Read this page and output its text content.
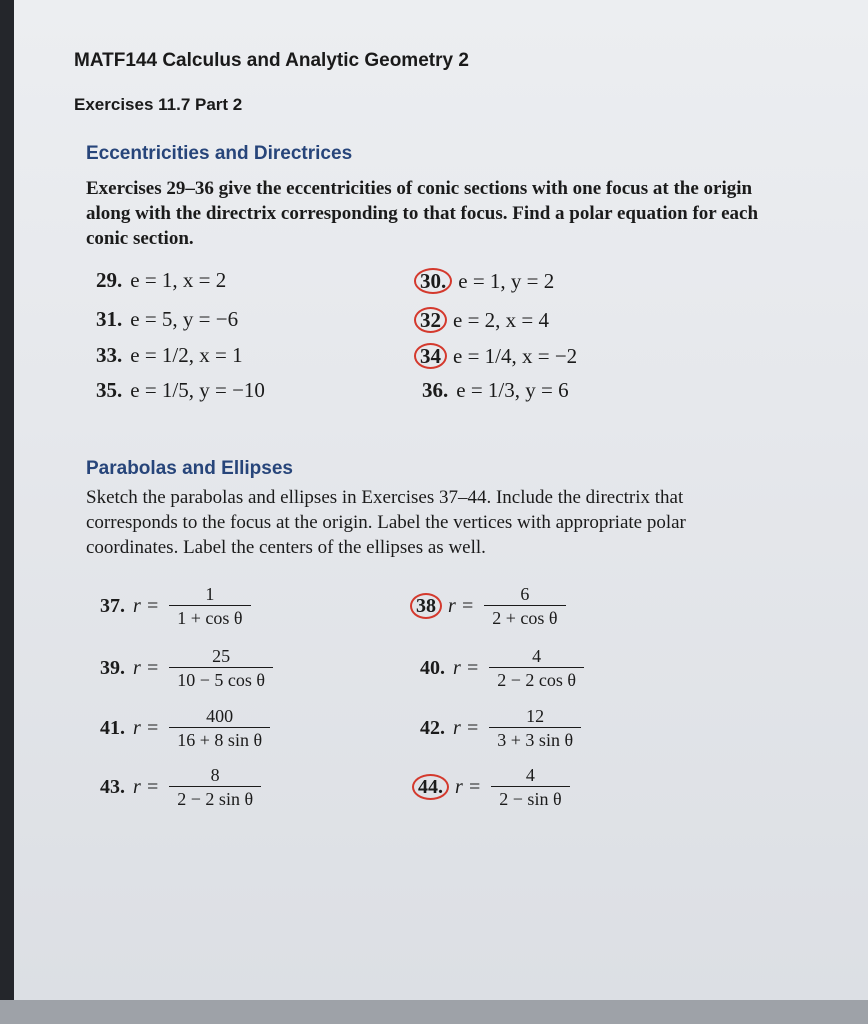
MATF144 Calculus and Analytic Geometry 2
Exercises 11.7 Part 2
Eccentricities and Directrices
Exercises 29–36 give the eccentricities of conic sections with one focus at the origin along with the directrix corresponding to that focus. Find a polar equation for each conic section.
29. e = 1, x = 2	30. e = 1, y = 2
31. e = 5, y = −6	32 e = 2, x = 4
33. e = 1/2, x = 1	34 e = 1/4, x = −2
35. e = 1/5, y = −10	36. e = 1/3, y = 6
Parabolas and Ellipses
Sketch the parabolas and ellipses in Exercises 37–44. Include the directrix that corresponds to the focus at the origin. Label the vertices with appropriate polar coordinates. Label the centers of the ellipses as well.
37. $r = \frac{1}{\text{1 + cos θ}}$	38 $r = \frac{6}{\text{2 + cos θ}}$
39. $r = \frac{25}{\text{10 − 5 cos θ}}$	40. $r = \frac{4}{\text{2 − 2 cos θ}}$
41. $r = \frac{400}{\text{16 + 8 sin θ}}$	42. $r = \frac{12}{\text{3 + 3 sin θ}}$
43. $r = \frac{8}{\text{2 − 2 sin θ}}$	44. $r = \frac{4}{\text{2 − sin θ}}$
